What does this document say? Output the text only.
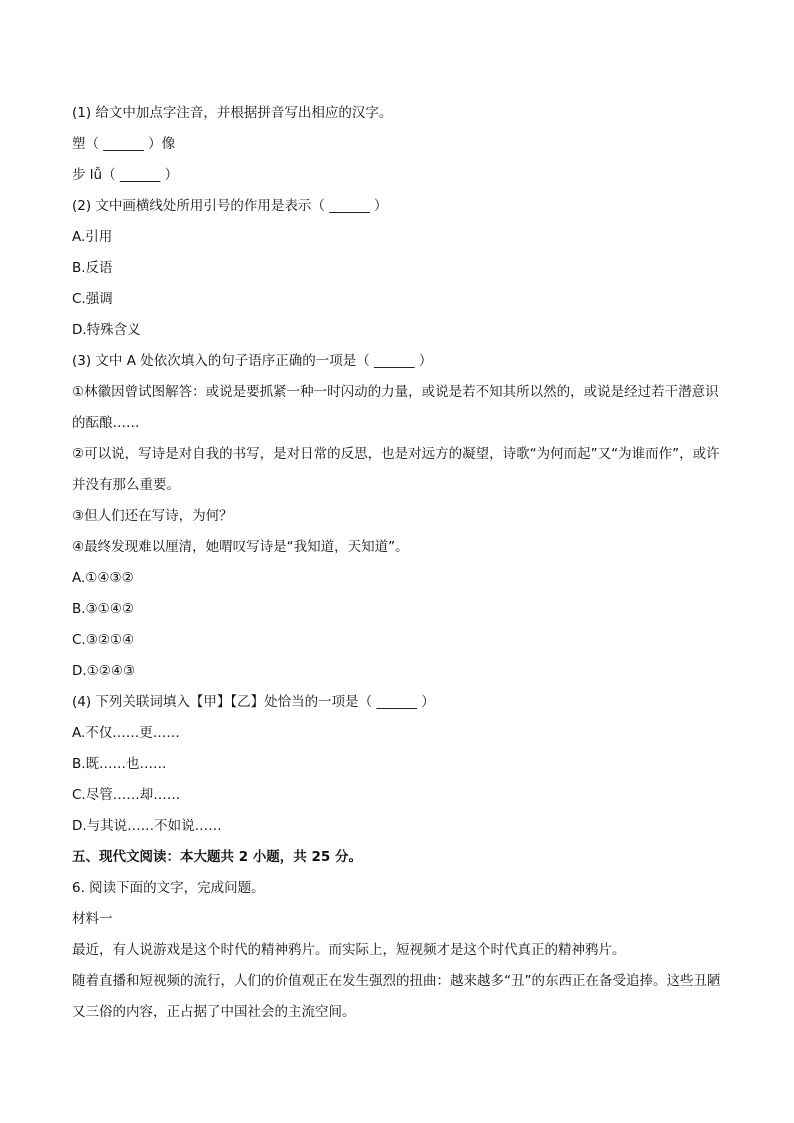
(1) 给文中加点字注音，并根据拼音写出相应的汉字。
塑（ ______ ）像
步 lǚ（ ______ ）
(2) 文中画横线处所用引号的作用是表示（ ______ ）
A.引用
B.反语
C.强调
D.特殊含义
(3) 文中 A 处依次填入的句子语序正确的一项是（ ______ ）
①林徽因曾试图解答：或说是要抓紧一种一时闪动的力量，或说是若不知其所以然的，或说是经过若干潜意识的酝酿……
②可以说，写诗是对自我的书写，是对日常的反思，也是对远方的凝望，诗歌“为何而起”又“为谁而作”，或许并没有那么重要。
③但人们还在写诗，为何？
④最终发现难以厘清，她喟叹写诗是“我知道，天知道”。
A.①④③②
B.③①④②
C.③②①④
D.①②④③
(4) 下列关联词填入【甲】【乙】处恰当的一项是（ ______ ）
A.不仅……更……
B.既……也……
C.尽管……却……
D.与其说……不如说……
五、现代文阅读：本大题共 2 小题，共 25 分。
6. 阅读下面的文字，完成问题。
材料一
最近，有人说游戏是这个时代的精神鸦片。而实际上，短视频才是这个时代真正的精神鸦片。
随着直播和短视频的流行，人们的价值观正在发生强烈的扭曲：越来越多“丑”的东西正在备受追捧。这些丑陋又三俗的内容，正占据了中国社会的主流空间。
